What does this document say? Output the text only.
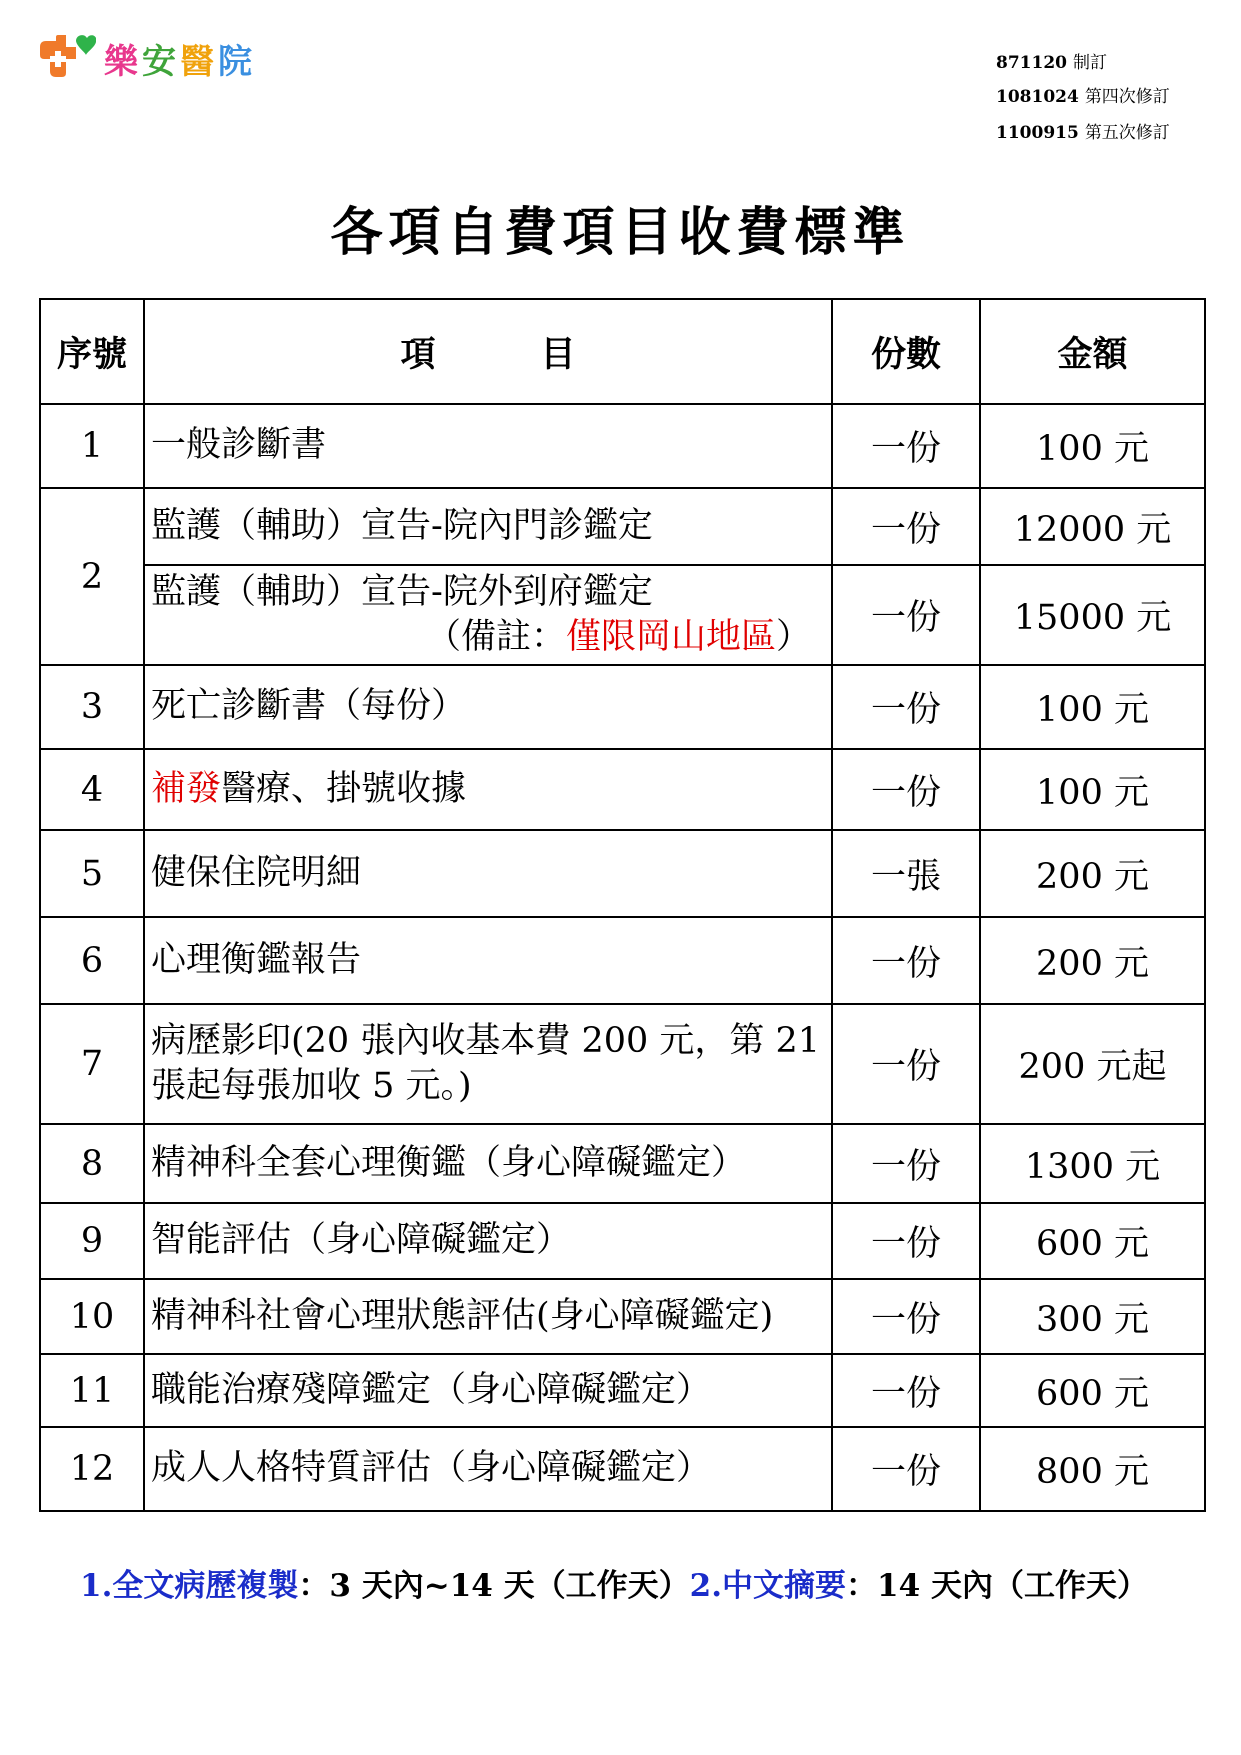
樂安醫院	871120 制訂
1081024 第四次修訂
1100915 第五次修訂
各項自費項目收費標準
序號	項　　　目	份數	金額
1	一般診斷書	一份	100 元
2	監護（輔助）宣告-院內門診鑑定	一份	12000 元
	監護（輔助）宣告-院外到府鑑定
（備註：僅限岡山地區）	一份	15000 元
3	死亡診斷書（每份）	一份	100 元
4	補發醫療、掛號收據	一份	100 元
5	健保住院明細	一張	200 元
6	心理衡鑑報告	一份	200 元
7	病歷影印(20 張內收基本費 200 元，第 21
張起每張加收 5 元。)	一份	200 元起
8	精神科全套心理衡鑑（身心障礙鑑定）	一份	1300 元
9	智能評估（身心障礙鑑定）	一份	600 元
10	精神科社會心理狀態評估(身心障礙鑑定)	一份	300 元
11	職能治療殘障鑑定（身心障礙鑑定）	一份	600 元
12	成人人格特質評估（身心障礙鑑定）	一份	800 元
1.全文病歷複製：3 天內~14 天（工作天）2.中文摘要：14 天內（工作天）
